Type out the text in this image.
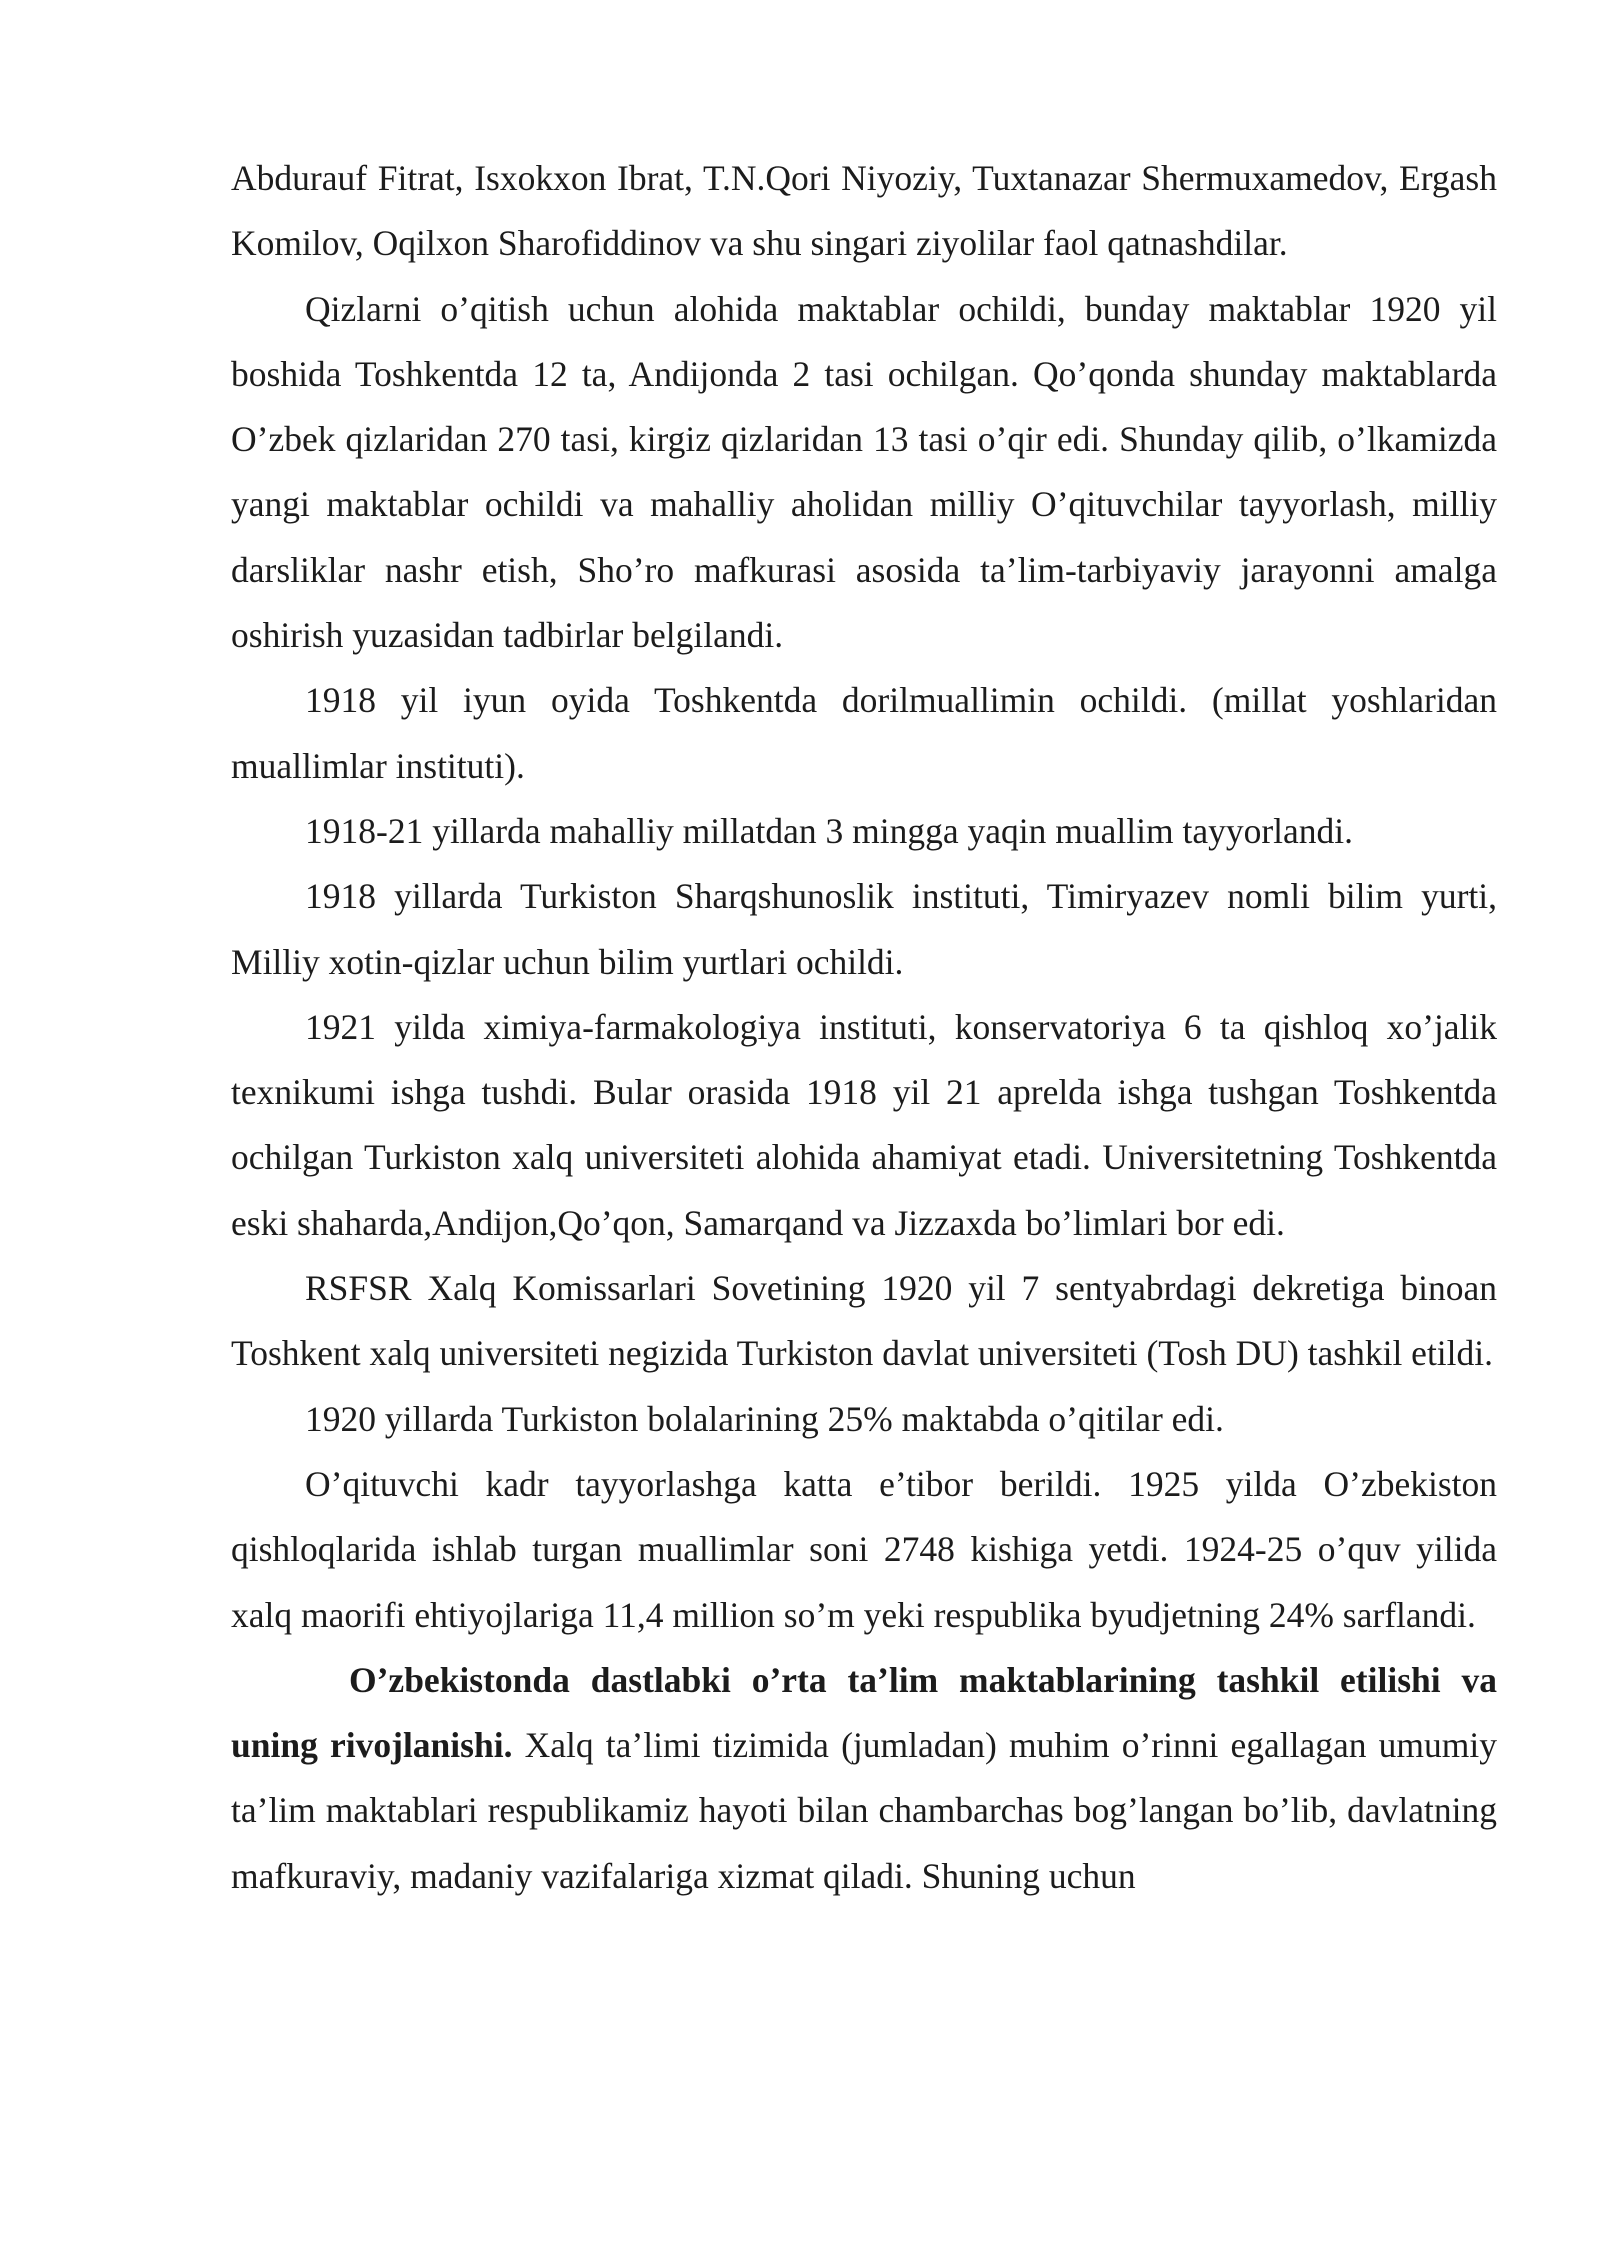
Abdurauf Fitrat, Isxokxon Ibrat, T.N.Qori Niyoziy, Tuxtanazar Shermuxamedov, Ergash Komilov, Oqilxon Sharofiddinov va shu singari ziyolilar faol qatnashdilar.

Qizlarni o’qitish uchun alohida maktablar ochildi, bunday maktablar 1920 yil boshida Toshkentda 12 ta, Andijonda 2 tasi ochilgan. Qo’qonda shunday maktablarda O’zbek qizlaridan 270 tasi, kirgiz qizlaridan 13 tasi o’qir edi. Shunday qilib, o’lkamizda yangi maktablar ochildi va mahalliy aholidan milliy O’qituvchilar tayyorlash, milliy darsliklar nashr etish, Sho’ro mafkurasi asosida ta’lim-tarbiyaviy jarayonni amalga oshirish yuzasidan tadbirlar belgilandi.

1918 yil iyun oyida Toshkentda dorilmuallimin ochildi. (millat yoshlaridan muallimlar instituti).

1918-21 yillarda mahalliy millatdan 3 mingga yaqin muallim tayyorlandi.

1918 yillarda Turkiston Sharqshunoslik instituti, Timiryazev nomli bilim yurti, Milliy xotin-qizlar uchun bilim yurtlari ochildi.

1921 yilda ximiya-farmakologiya instituti, konservatoriya 6 ta qishloq xo’jalik texnikumi ishga tushdi. Bular orasida 1918 yil 21 aprelda ishga tushgan Toshkentda ochilgan Turkiston xalq universiteti alohida ahamiyat etadi. Universitetning Toshkentda eski shaharda,Andijon,Qo’qon, Samarqand va Jizzaxda bo’limlari bor edi.

RSFSR Xalq Komissarlari Sovetining 1920 yil 7 sentyabrdagi dekretiga binoan Toshkent xalq universiteti negizida Turkiston davlat universiteti (Tosh DU) tashkil etildi.

1920 yillarda Turkiston bolalarining 25% maktabda o’qitilar edi.

O’qituvchi kadr tayyorlashga katta e’tibor berildi. 1925 yilda O’zbekiston qishloqlarida ishlab turgan muallimlar soni 2748 kishiga yetdi. 1924-25 o’quv yilida xalq maorifi ehtiyojlariga 11,4 million so’m yeki respublika byudjetning 24% sarflandi.

O’zbekistonda dastlabki o’rta ta’lim maktablarining tashkil etilishi va uning rivojlanishi. Xalq ta’limi tizimida (jumladan) muhim o’rinni egallagan umumiy ta’lim maktablari respublikamiz hayoti bilan chambarchas bog’langan bo’lib, davlatning mafkuraviy, madaniy vazifalariga xizmat qiladi. Shuning uchun
